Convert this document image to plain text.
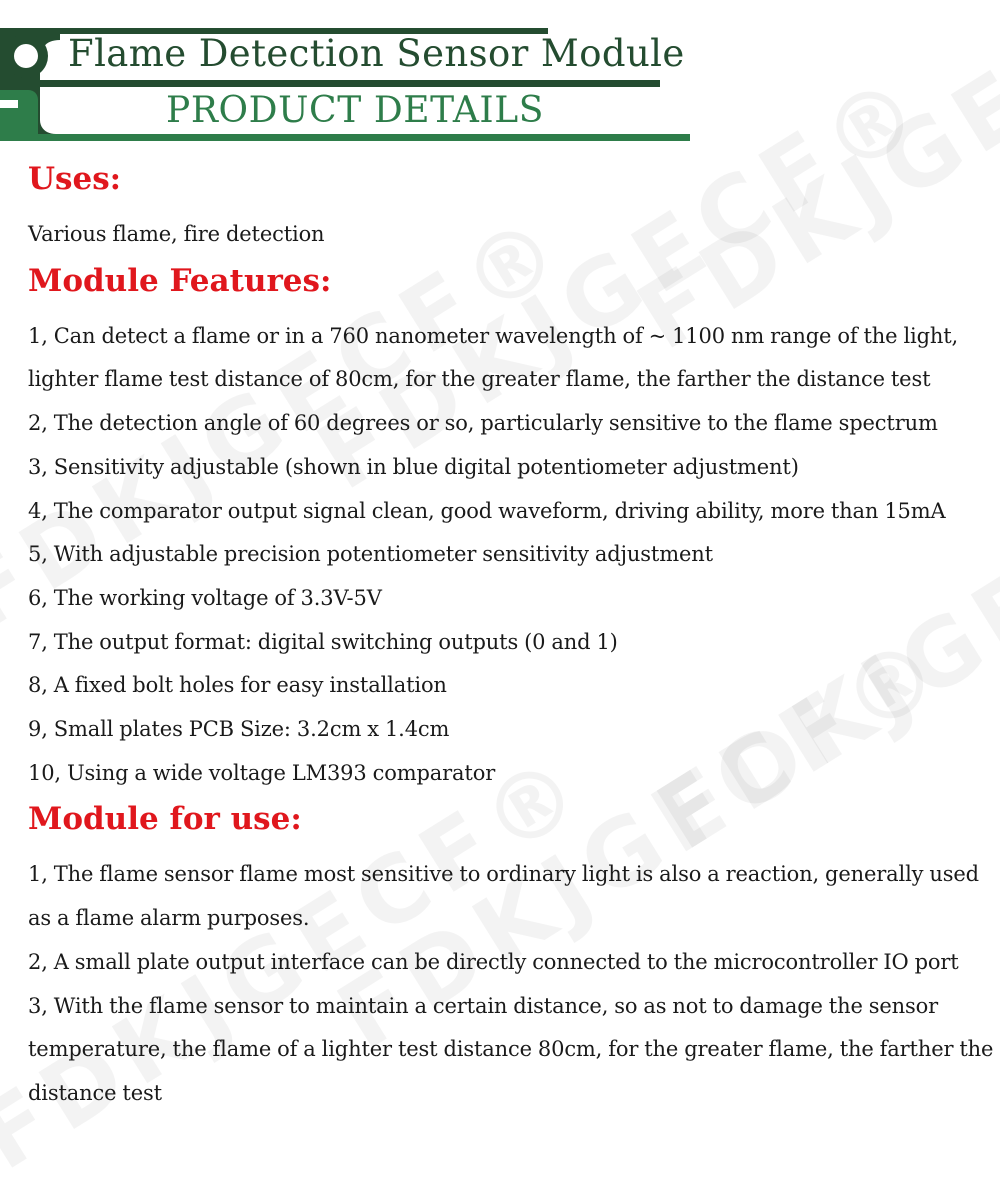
Flame Detection Sensor Module
PRODUCT DETAILS
Uses:

Various flame, fire detection

Module Features:
1, Can detect a flame or in a 760 nanometer wavelength of ~ 1100 nm range of the light, lighter flame test distance of 80cm, for the greater flame, the farther the distance test
2, The detection angle of 60 degrees or so, particularly sensitive to the flame spectrum
3, Sensitivity adjustable (shown in blue digital potentiometer adjustment)
4, The comparator output signal clean, good waveform, driving ability, more than 15mA
5, With adjustable precision potentiometer sensitivity adjustment
6, The working voltage of 3.3V-5V
7, The output format: digital switching outputs (0 and 1)
8, A fixed bolt holes for easy installation
9, Small plates PCB Size: 3.2cm x 1.4cm
10, Using a wide voltage LM393 comparator
Module for use:
1, The flame sensor flame most sensitive to ordinary light is also a reaction, generally used as a flame alarm purposes.
2, A small plate output interface can be directly connected to the microcontroller IO port
3, With the flame sensor to maintain a certain distance, so as not to damage the sensor temperature, the flame of a lighter test distance 80cm, for the greater flame, the farther the distance test
